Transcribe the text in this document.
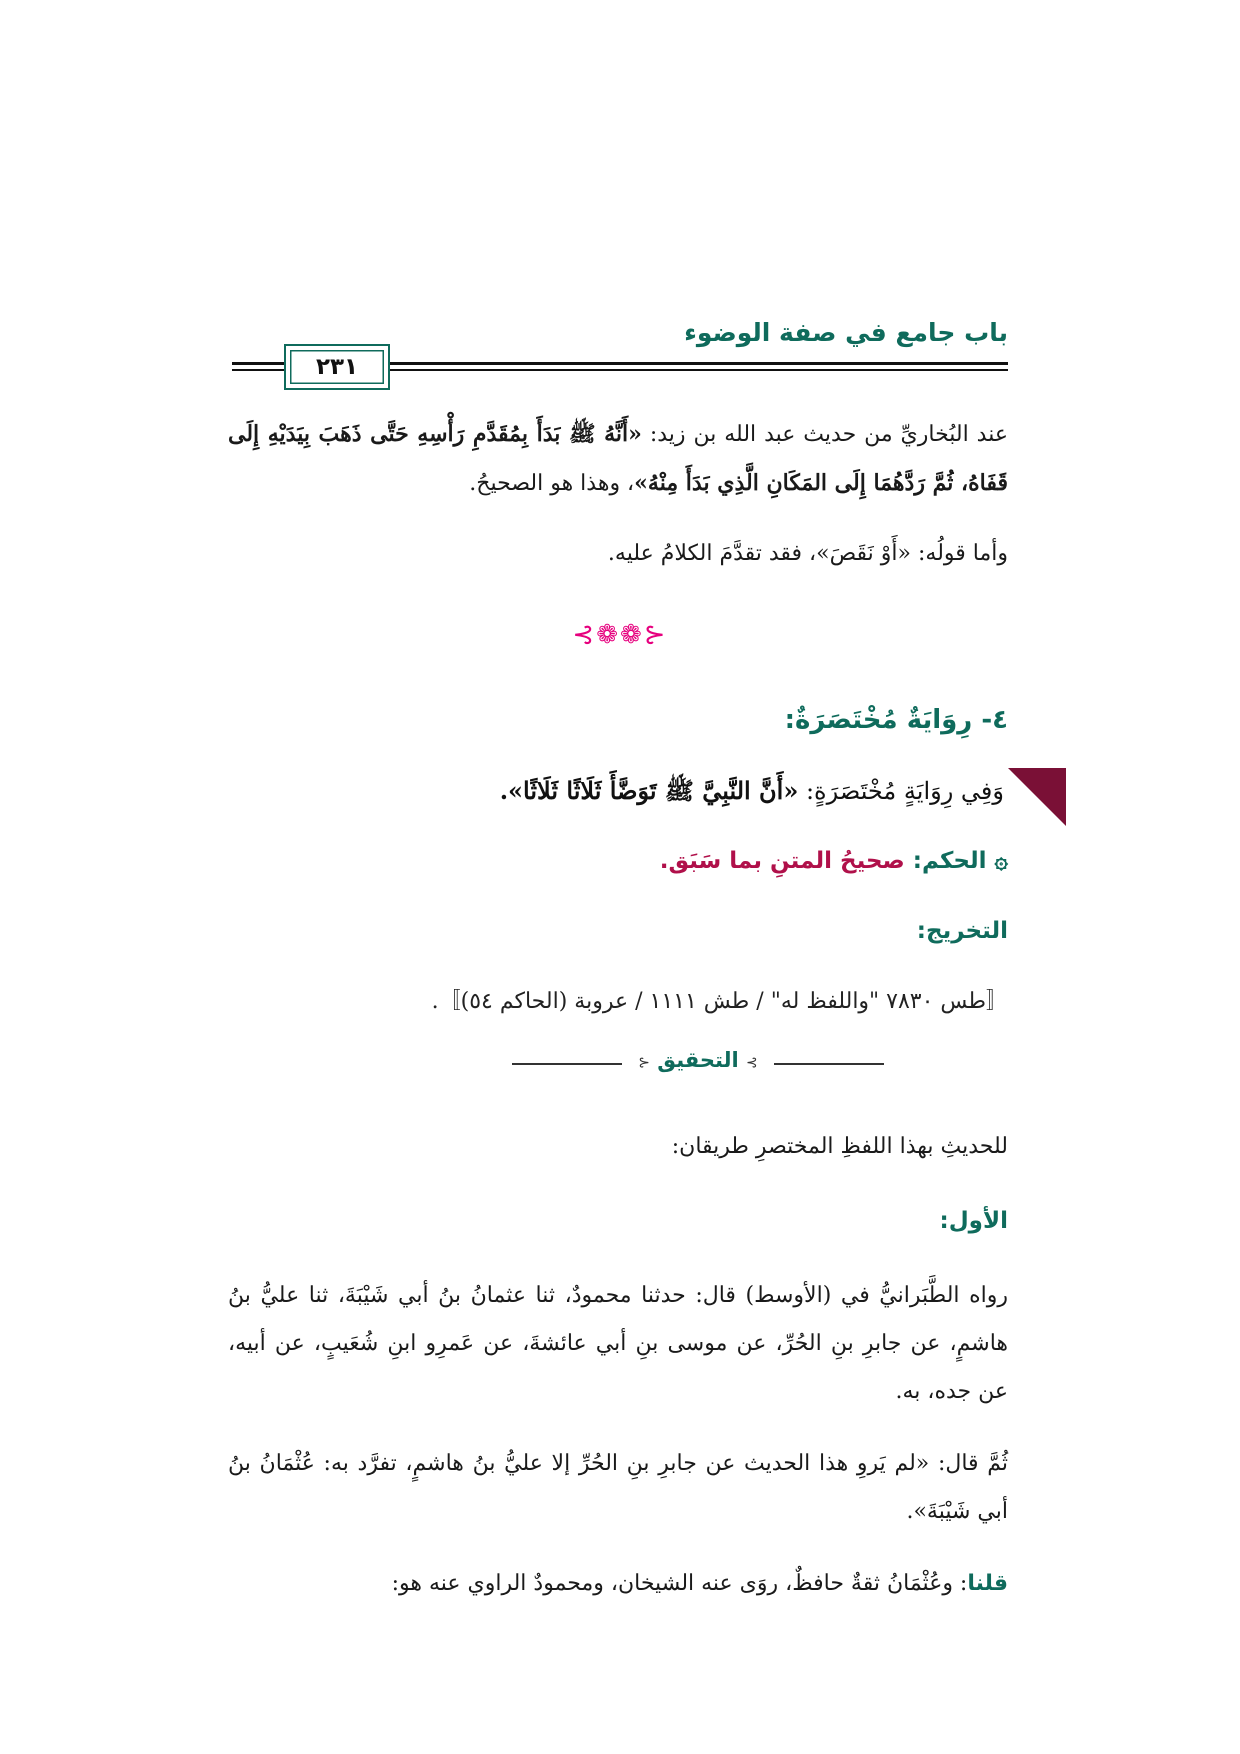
باب جامع في صفة الوضوء
٢٣١
عند البُخاريِّ من حديث عبد الله بن زيد: «أَنَّهُ ﷺ بَدَأَ بِمُقَدَّمِ رَأْسِهِ حَتَّى ذَهَبَ بِيَدَيْهِ إِلَى قَفَاهُ، ثُمَّ رَدَّهُمَا إِلَى المَكَانِ الَّذِي بَدَأَ مِنْهُ»، وهذا هو الصحيحُ.
وأما قولُه: «أَوْ نَقَصَ»، فقد تقدَّمَ الكلامُ عليه.
⊰❁❁⊱
٤- رِوَايَةٌ مُخْتَصَرَةٌ:
وَفِي رِوَايَةٍ مُخْتَصَرَةٍ: «أَنَّ النَّبِيَّ ﷺ تَوَضَّأَ ثَلَاثًا ثَلَاثًا».
۞ الحكم: صحيحُ المتنِ بما سَبَق.
التخريج:
〚طس ٧٨٣٠ "واللفظ له" / طش ١١١١ / عروبة (الحاكم ٥٤)〛.
⊱ التحقيق ⊰
للحديثِ بهذا اللفظِ المختصرِ طريقان:
الأول:
رواه الطَّبَرانيُّ في (الأوسط) قال: حدثنا محمودٌ، ثنا عثمانُ بنُ أبي شَيْبَةَ، ثنا عليُّ بنُ هاشمٍ، عن جابرِ بنِ الحُرِّ، عن موسى بنِ أبي عائشةَ، عن عَمرِو ابنِ شُعَيبٍ، عن أبيه، عن جده، به.
ثُمَّ قال: «لم يَروِ هذا الحديث عن جابرِ بنِ الحُرِّ إلا عليُّ بنُ هاشمٍ، تفرَّد به: عُثْمَانُ بنُ أبي شَيْبَةَ».
قلنا: وعُثْمَانُ ثقةٌ حافظٌ، روَى عنه الشيخان، ومحمودٌ الراوي عنه هو:
